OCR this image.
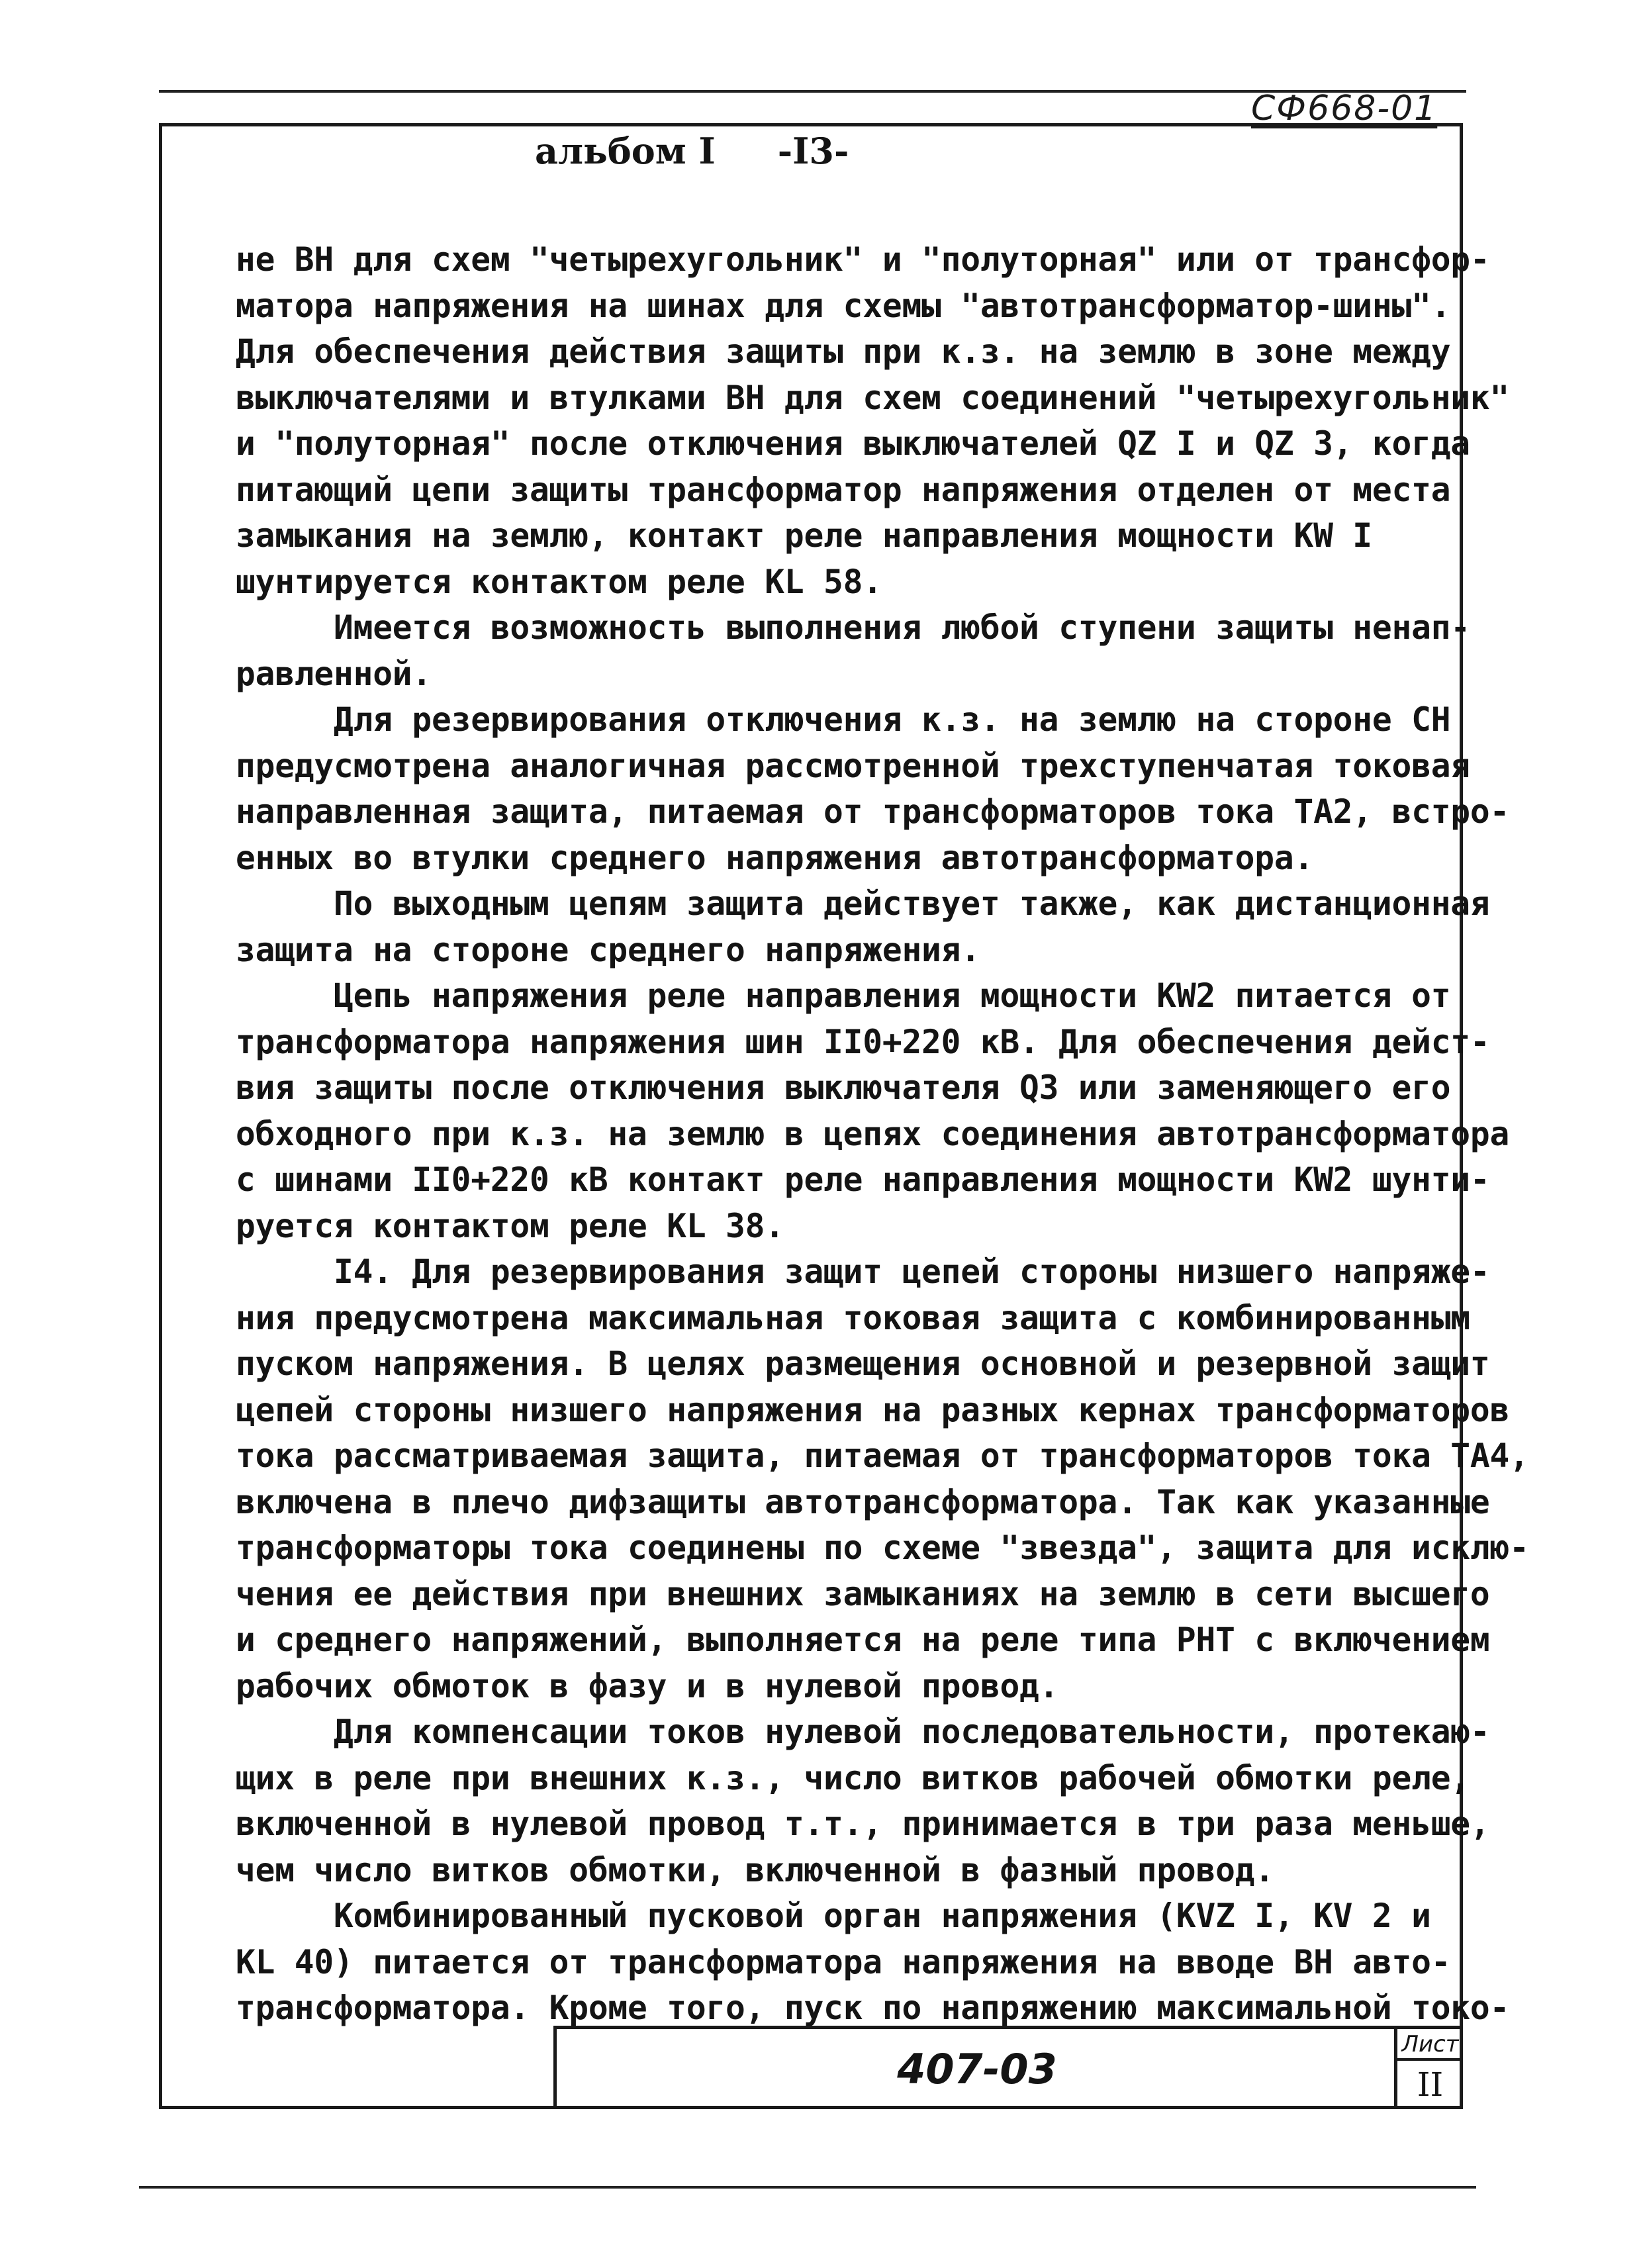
СФ668-01
альбом I     -I3-
не ВН для схем "четырехугольник" и "полуторная" или от трансфор-
матора напряжения на шинах для схемы "автотрансформатор-шины".
Для обеспечения действия защиты при к.з. на землю в зоне между
выключателями и втулками ВН для схем соединений "четырехугольник"
и "полуторная" после отключения выключателей QZ I и QZ 3, когда
питающий цепи защиты трансформатор напряжения отделен от места
замыкания на землю, контакт реле направления мощности KW I
шунтируется контактом реле KL 58.
Имеется возможность выполнения любой ступени защиты ненап-
равленной.
Для резервирования отключения к.з. на землю на стороне СН
предусмотрена аналогичная рассмотренной трехступенчатая токовая
направленная защита, питаемая от трансформаторов тока ТА2, встро-
енных во втулки среднего напряжения автотрансформатора.
По выходным цепям защита действует также, как дистанционная
защита на стороне среднего напряжения.
Цепь напряжения реле направления мощности KW2 питается от
трансформатора напряжения шин II0+220 кВ. Для обеспечения дейст-
вия защиты после отключения выключателя Q3 или заменяющего его
обходного при к.з. на землю в цепях соединения автотрансформатора
с шинами II0+220 кВ контакт реле направления мощности KW2 шунти-
руется контактом реле KL 38.
I4. Для резервирования защит цепей стороны низшего напряже-
ния предусмотрена максимальная токовая защита с комбинированным
пуском напряжения. В целях размещения основной и резервной защит
цепей стороны низшего напряжения на разных кернах трансформаторов
тока рассматриваемая защита, питаемая от трансформаторов тока ТА4,
включена в плечо дифзащиты автотрансформатора. Так как указанные
трансформаторы тока соединены по схеме "звезда", защита для исклю-
чения ее действия при внешних замыканиях на землю в сети высшего
и среднего напряжений, выполняется на реле типа РНТ с включением
рабочих обмоток в фазу и в нулевой провод.
Для компенсации токов нулевой последовательности, протекаю-
щих в реле при внешних к.з., число витков рабочей обмотки реле,
включенной в нулевой провод т.т., принимается в три раза меньше,
чем число витков обмотки, включенной в фазный провод.
Комбинированный пусковой орган напряжения (KVZ I, KV 2 и
KL 40) питается от трансформатора напряжения на вводе ВН авто-
трансформатора. Кроме того, пуск по напряжению максимальной токо-
407-03
Лист
II
